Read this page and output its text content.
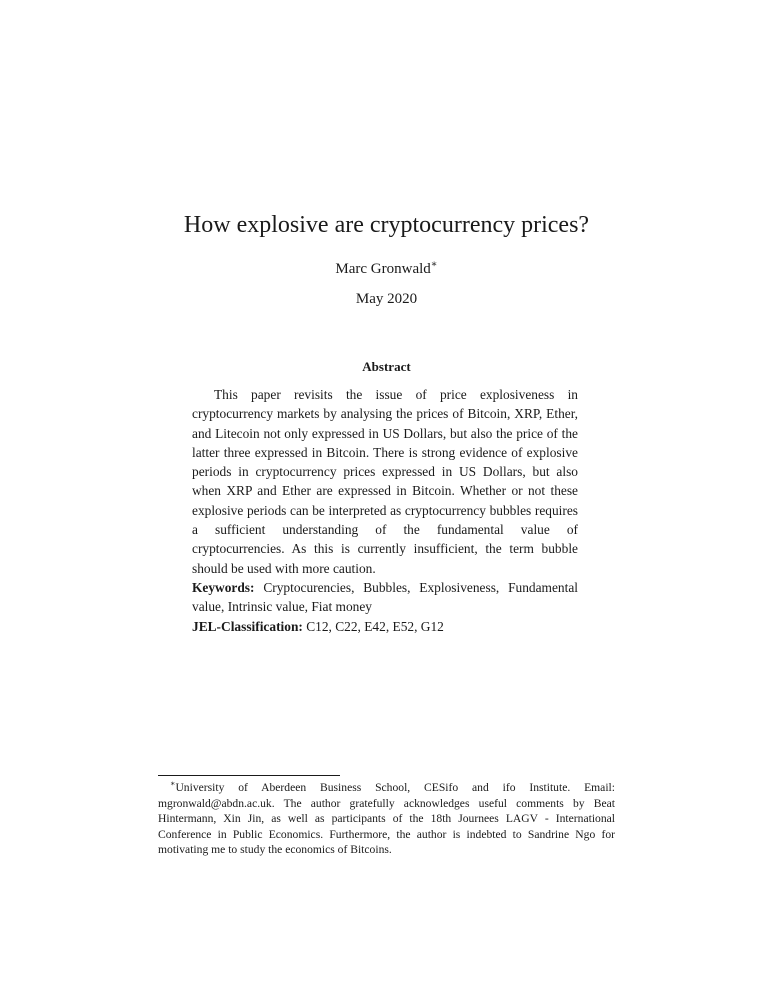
How explosive are cryptocurrency prices?
Marc Gronwald∗
May 2020
Abstract

This paper revisits the issue of price explosiveness in cryptocurrency markets by analysing the prices of Bitcoin, XRP, Ether, and Litecoin not only expressed in US Dollars, but also the price of the latter three expressed in Bitcoin. There is strong evidence of explosive periods in cryptocurrency prices expressed in US Dollars, but also when XRP and Ether are expressed in Bitcoin. Whether or not these explosive periods can be interpreted as cryptocurrency bubbles requires a sufficient understanding of the fundamental value of cryptocurrencies. As this is currently insufficient, the term bubble should be used with more caution.

Keywords: Cryptocurencies, Bubbles, Explosiveness, Fundamental value, Intrinsic value, Fiat money

JEL-Classification: C12, C22, E42, E52, G12

∗University of Aberdeen Business School, CESifo and ifo Institute. Email: mgronwald@abdn.ac.uk. The author gratefully acknowledges useful comments by Beat Hintermann, Xin Jin, as well as participants of the 18th Journees LAGV - International Conference in Public Economics. Furthermore, the author is indebted to Sandrine Ngo for motivating me to study the economics of Bitcoins.
